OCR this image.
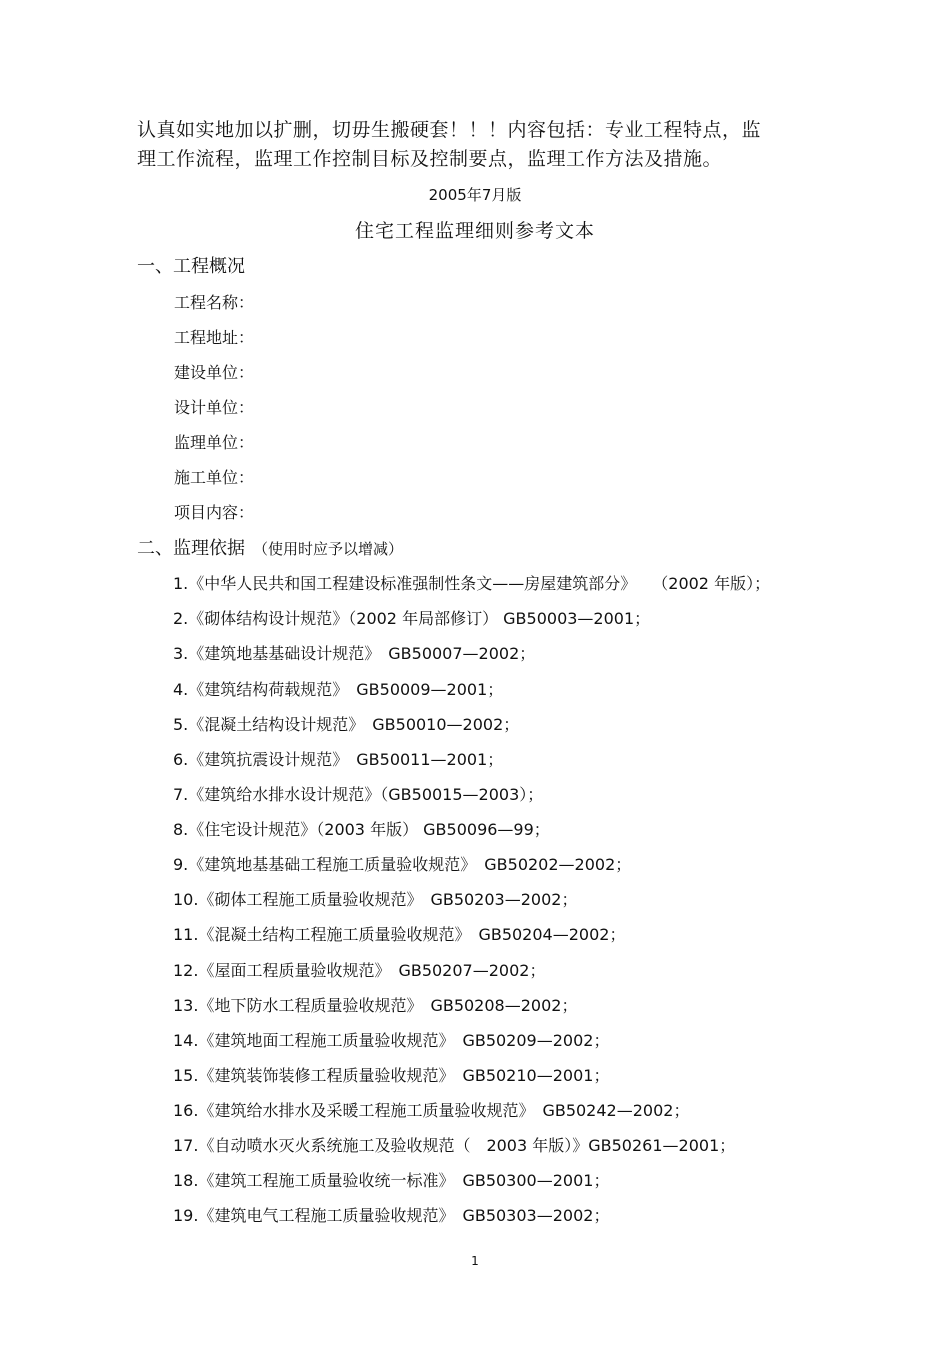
认真如实地加以扩删，切毋生搬硬套！！！内容包括：专业工程特点，监
理工作流程，监理工作控制目标及控制要点，监理工作方法及措施。
2005年7月版
住宅工程监理细则参考文本
一、工程概况
工程名称：
工程地址：
建设单位：
设计单位：
监理单位：
施工单位：
项目内容：
二、监理依据 （使用时应予以增减）
1.《中华人民共和国工程建设标准强制性条文——房屋建筑部分》　　（2002 年版）；
2.《砌体结构设计规范》（2002 年局部修订） GB50003—2001；
3.《建筑地基基础设计规范》　GB50007—2002；
4.《建筑结构荷载规范》　GB50009—2001；
5.《混凝土结构设计规范》　GB50010—2002；
6.《建筑抗震设计规范》　GB50011—2001；
7.《建筑给水排水设计规范》（GB50015—2003）；
8.《住宅设计规范》（2003 年版） GB50096—99；
9.《建筑地基基础工程施工质量验收规范》　GB50202—2002；
10.《砌体工程施工质量验收规范》　GB50203—2002；
11.《混凝土结构工程施工质量验收规范》　GB50204—2002；
12.《屋面工程质量验收规范》　GB50207—2002；
13.《地下防水工程质量验收规范》　GB50208—2002；
14.《建筑地面工程施工质量验收规范》　GB50209—2002；
15.《建筑装饰装修工程质量验收规范》　GB50210—2001；
16.《建筑给水排水及采暖工程施工质量验收规范》　GB50242—2002；
17.《自动喷水灭火系统施工及验收规范（　2003 年版）》GB50261—2001；
18.《建筑工程施工质量验收统一标准》　GB50300—2001；
19.《建筑电气工程施工质量验收规范》　GB50303—2002；
1
